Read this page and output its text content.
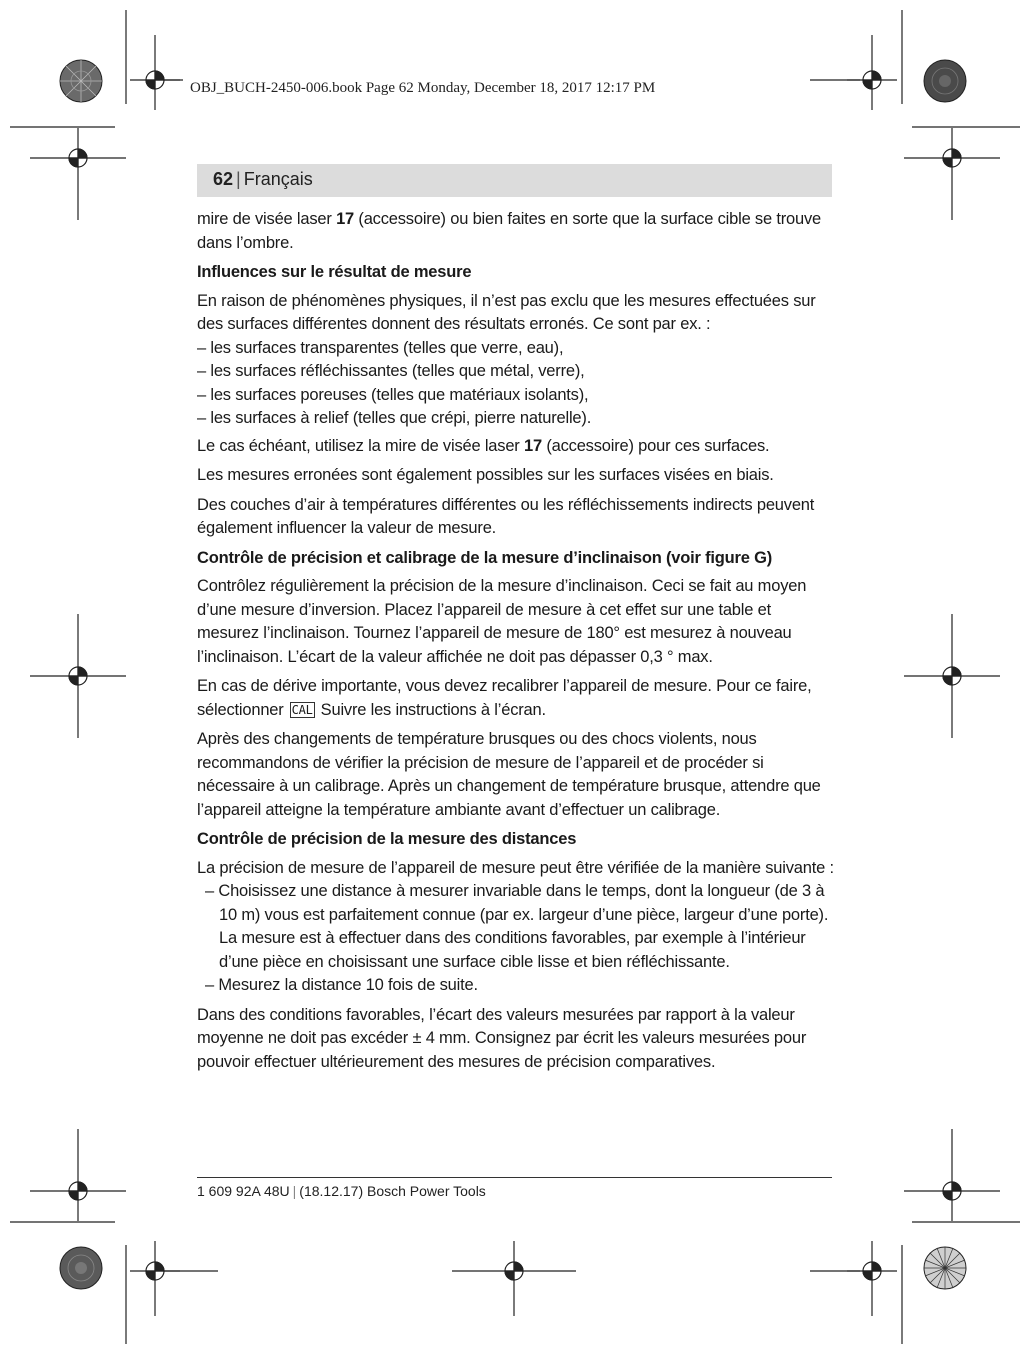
OBJ_BUCH-2450-006.book Page 62 Monday, December 18, 2017 12:17 PM
62 | Français

mire de visée laser 17 (accessoire) ou bien faites en sorte que la surface cible se trouve dans l’ombre.

Influences sur le résultat de mesure

En raison de phénomènes physiques, il n’est pas exclu que les mesures effectuées sur des surfaces différentes donnent des résultats erronés. Ce sont par ex. :

– les surfaces transparentes (telles que verre, eau),
– les surfaces réfléchissantes (telles que métal, verre),
– les surfaces poreuses (telles que matériaux isolants),
– les surfaces à relief (telles que crépi, pierre naturelle).

Le cas échéant, utilisez la mire de visée laser 17 (accessoire) pour ces surfaces.

Les mesures erronées sont également possibles sur les surfaces visées en biais.

Des couches d’air à températures différentes ou les réfléchissements indirects peuvent également influencer la valeur de mesure.

Contrôle de précision et calibrage de la mesure d’inclinaison (voir figure G)

Contrôlez régulièrement la précision de la mesure d’inclinaison. Ceci se fait au moyen d’une mesure d’inversion. Placez l’appareil de mesure à cet effet sur une table et mesurez l’inclinaison. Tournez l’appareil de mesure de 180° est mesurez à nouveau l’inclinaison. L’écart de la valeur affichée ne doit pas dépasser 0,3 ° max.

En cas de dérive importante, vous devez recalibrer l’appareil de mesure. Pour ce faire, sélectionner CAL Suivre les instructions à l’écran.

Après des changements de température brusques ou des chocs violents, nous recommandons de vérifier la précision de mesure de l’appareil et de procéder si nécessaire à un calibrage. Après un changement de température brusque, attendre que l’appareil atteigne la température ambiante avant d’effectuer un calibrage.

Contrôle de précision de la mesure des distances

La précision de mesure de l’appareil de mesure peut être vérifiée de la manière suivante :

– Choisissez une distance à mesurer invariable dans le temps, dont la longueur (de 3 à 10 m) vous est parfaitement connue (par ex. largeur d’une pièce, largeur d’une porte). La mesure est à effectuer dans des conditions favorables, par exemple à l’intérieur d’une pièce en choisissant une surface cible lisse et bien réfléchissante.
– Mesurez la distance 10 fois de suite.

Dans des conditions favorables, l’écart des valeurs mesurées par rapport à la valeur moyenne ne doit pas excéder ± 4 mm. Consignez par écrit les valeurs mesurées pour pouvoir effectuer ultérieurement des mesures de précision comparatives.

1 609 92A 48U | (18.12.17) Bosch Power Tools
